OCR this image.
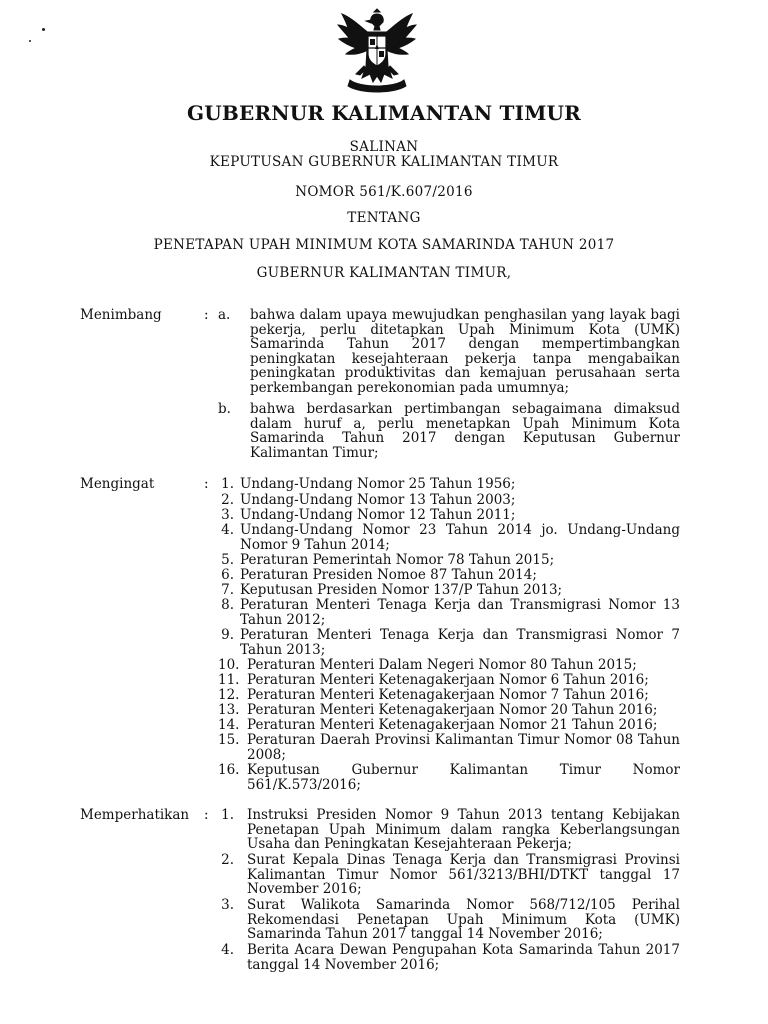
GUBERNUR KALIMANTAN TIMUR
SALINAN
KEPUTUSAN GUBERNUR KALIMANTAN TIMUR
NOMOR 561/K.607/2016
TENTANG
PENETAPAN UPAH MINIMUM KOTA SAMARINDA TAHUN 2017
GUBERNUR KALIMANTAN TIMUR,
Menimbang	: a. bahwa dalam upaya mewujudkan penghasilan yang layak bagi pekerja, perlu ditetapkan Upah Minimum Kota (UMK) Samarinda Tahun 2017 dengan mempertimbangkan peningkatan kesejahteraan pekerja tanpa mengabaikan peningkatan produktivitas dan kemajuan perusahaan serta perkembangan perekonomian pada umumnya;
b. bahwa berdasarkan pertimbangan sebagaimana dimaksud dalam huruf a, perlu menetapkan Upah Minimum Kota Samarinda Tahun 2017 dengan Keputusan Gubernur Kalimantan Timur;
Mengingat	: 1. Undang-Undang Nomor 25 Tahun 1956;
2. Undang-Undang Nomor 13 Tahun 2003;
3. Undang-Undang Nomor 12 Tahun 2011;
4. Undang-Undang Nomor 23 Tahun 2014 jo. Undang-Undang Nomor 9 Tahun 2014;
5. Peraturan Pemerintah Nomor 78 Tahun 2015;
6. Peraturan Presiden Nomoe 87 Tahun 2014;
7. Keputusan Presiden Nomor 137/P Tahun 2013;
8. Peraturan Menteri Tenaga Kerja dan Transmigrasi Nomor 13 Tahun 2012;
9. Peraturan Menteri Tenaga Kerja dan Transmigrasi Nomor 7 Tahun 2013;
10. Peraturan Menteri Dalam Negeri Nomor 80 Tahun 2015;
11. Peraturan Menteri Ketenagakerjaan Nomor 6 Tahun 2016;
12. Peraturan Menteri Ketenagakerjaan Nomor 7 Tahun 2016;
13. Peraturan Menteri Ketenagakerjaan Nomor 20 Tahun 2016;
14. Peraturan Menteri Ketenagakerjaan Nomor 21 Tahun 2016;
15. Peraturan Daerah Provinsi Kalimantan Timur Nomor 08 Tahun 2008;
16. Keputusan Gubernur Kalimantan Timur Nomor 561/K.573/2016;
Memperhatikan : 1. Instruksi Presiden Nomor 9 Tahun 2013 tentang Kebijakan Penetapan Upah Minimum dalam rangka Keberlangsungan Usaha dan Peningkatan Kesejahteraan Pekerja;
2. Surat Kepala Dinas Tenaga Kerja dan Transmigrasi Provinsi Kalimantan Timur Nomor 561/3213/BHI/DTKT tanggal 17 November 2016;
3. Surat Walikota Samarinda Nomor 568/712/105 Perihal Rekomendasi Penetapan Upah Minimum Kota (UMK) Samarinda Tahun 2017 tanggal 14 November 2016;
4. Berita Acara Dewan Pengupahan Kota Samarinda Tahun 2017 tanggal 14 November 2016;
